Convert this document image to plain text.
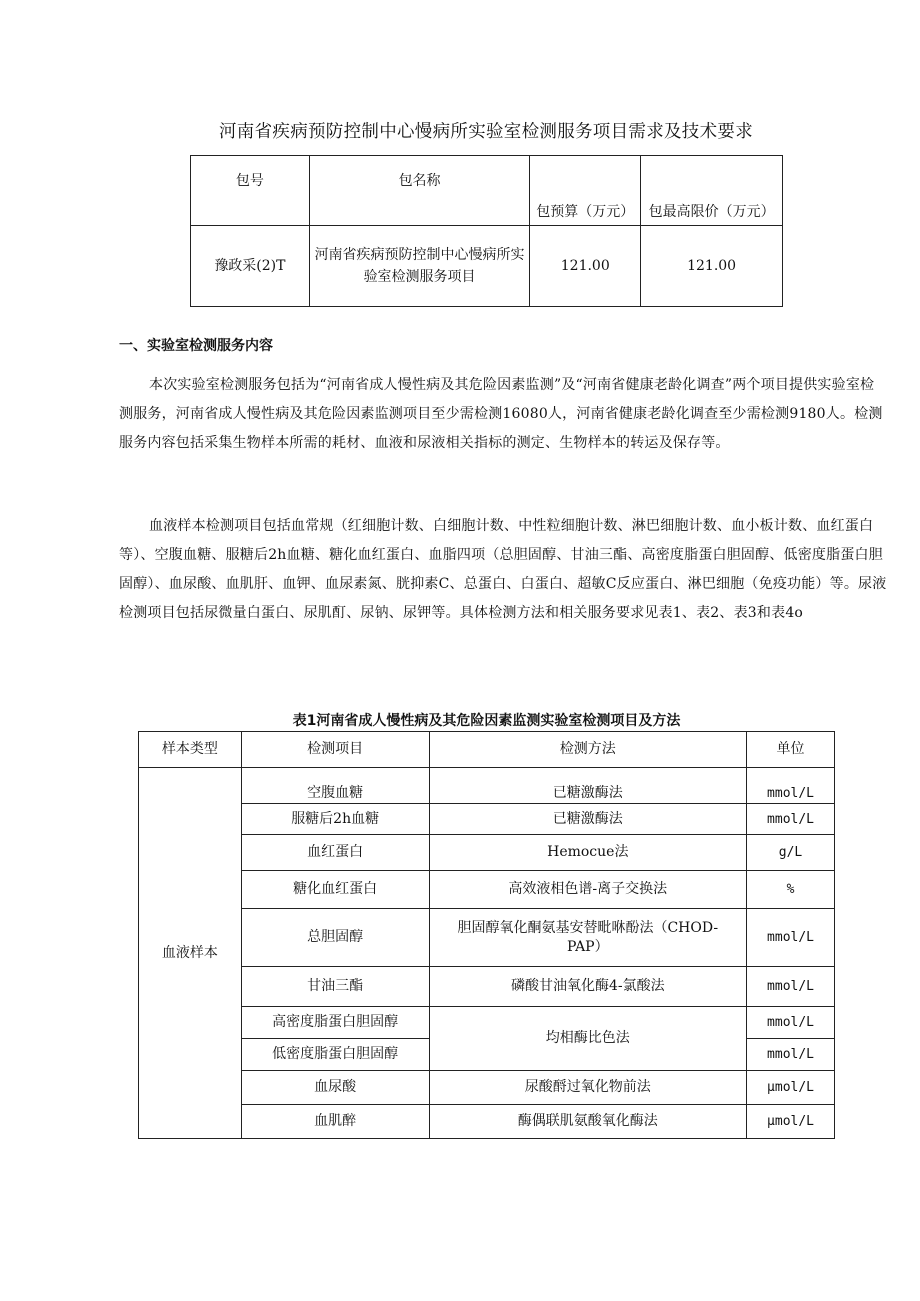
河南省疾病预防控制中心慢病所实验室检测服务项目需求及技术要求
包号	包名称	包预算（万元）	包最高限价（万元）
豫政采(2)T	河南省疾病预防控制中心慢病所实验室检测服务项目	121.00	121.00
一、实验室检测服务内容

本次实验室检测服务包括为“河南省成人慢性病及其危险因素监测”及“河南省健康老龄化调查”两个项目提供实验室检测服务，河南省成人慢性病及其危险因素监测项目至少需检测16080人，河南省健康老龄化调查至少需检测9180人。检测服务内容包括采集生物样本所需的耗材、血液和尿液相关指标的测定、生物样本的转运及保存等。

血液样本检测项目包括血常规（红细胞计数、白细胞计数、中性粒细胞计数、淋巴细胞计数、血小板计数、血红蛋白等）、空腹血糖、服糖后2h血糖、糖化血红蛋白、血脂四项（总胆固醇、甘油三酯、高密度脂蛋白胆固醇、低密度脂蛋白胆固醇）、血尿酸、血肌肝、血钾、血尿素氮、胱抑素C、总蛋白、白蛋白、超敏C反应蛋白、淋巴细胞（免疫功能）等。尿液检测项目包括尿微量白蛋白、尿肌酊、尿钠、尿钾等。具体检测方法和相关服务要求见表1、表2、表3和表4o

表1河南省成人慢性病及其危险因素监测实验室检测项目及方法
样本类型	检测项目	检测方法	单位
血液样本	空腹血糖	已糖激酶法	mmol/L
	服糖后2h血糖	已糖激酶法	mmol/L
	血红蛋白	Hemocue法	g/L
	糖化血红蛋白	高效液相色谱-离子交换法	%
	总胆固醇	胆固醇氧化酮氨基安替毗咻酚法（CHOD-PAP）	mmol/L
	甘油三酯	磷酸甘油氧化酶4-氯酸法	mmol/L
	高密度脂蛋白胆固醇	均相酶比色法	mmol/L
	低密度脂蛋白胆固醇		mmol/L
	血尿酸	尿酸酹过氧化物前法	μmol/L
	血肌醉	酶偶联肌氨酸氧化酶法	μmol/L
